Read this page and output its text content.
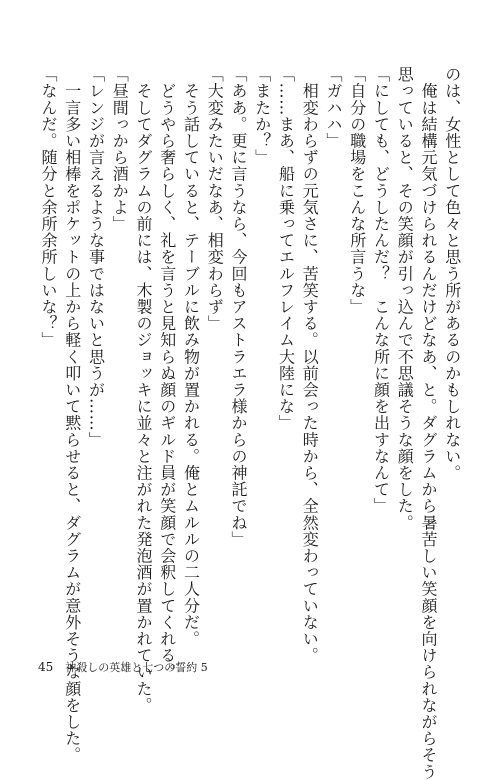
のは、女性として色々と思う所があるのかもしれない。

　俺は結構元気づけられるんだけどなあ、と。ダグラムから暑苦しい笑顔を向けられながらそう

思っていると、その笑顔が引っ込んで不思議そうな顔をした。

「にしても、どうしたんだ？　こんな所に顔を出すなんて」

「自分の職場をこんな所言うな」

「ガハハ」

　相変わらずの元気さに、苦笑する。以前会った時から、全然変わっていない。

「……まあ、船に乗ってエルフレイム大陸にな」

「またか？」

「ああ。更に言うなら、今回もアストラエラ様からの神託でね」

「大変みたいだなあ、相変わらず」

　そう話していると、テーブルに飲み物が置かれる。俺とムルルの二人分だ。

　どうやら奢らしく、礼を言うと見知らぬ顔のギルド員が笑顔で会釈してくれる。

　そしてダグラムの前には、木製のジョッキに並々と注がれた発泡酒が置かれていた。

「昼間っから酒かよ」

「レンジが言えるような事ではないと思うが……」

　一言多い相棒をポケットの上から軽く叩いて黙らせると、ダグラムが意外そうな顔をした。

「なんだ。随分と余所余所しいな？」

45 神殺しの英雄と七つの誓約 5
